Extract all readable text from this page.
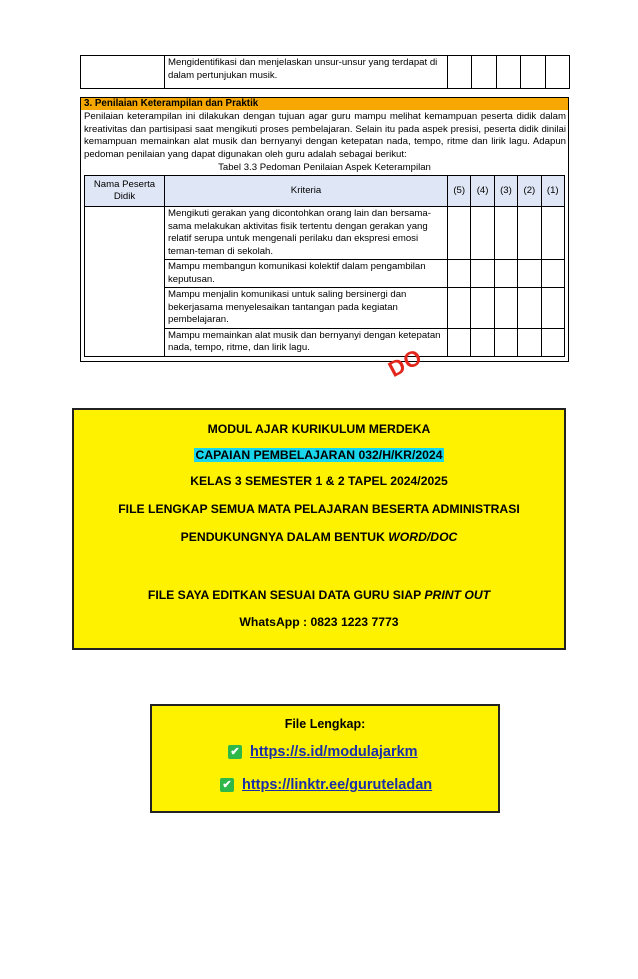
	Mengidentifikasi dan menjelaskan unsur-unsur yang terdapat di dalam pertunjukan musik.					
3. Penilaian Keterampilan dan Praktik
Penilaian keterampilan ini dilakukan dengan tujuan agar guru mampu melihat kemampuan peserta didik dalam kreativitas dan partisipasi saat mengikuti proses pembelajaran. Selain itu pada aspek presisi, peserta didik dinilai kemampuan memainkan alat musik dan bernyanyi dengan ketepatan nada, tempo, ritme dan lirik lagu. Adapun pedoman penilaian yang dapat digunakan oleh guru adalah sebagai berikut:
Tabel 3.3 Pedoman Penilaian Aspek Keterampilan
Nama Peserta Didik	Kriteria	(5)	(4)	(3)	(2)	(1)
	Mengikuti gerakan yang dicontohkan orang lain dan bersama-sama melakukan aktivitas fisik tertentu dengan gerakan yang relatif serupa untuk mengenali perilaku dan ekspresi emosi teman-teman di sekolah.					
	Mampu membangun komunikasi kolektif dalam pengambilan keputusan.					
	Mampu menjalin komunikasi untuk saling bersinergi dan bekerjasama menyelesaikan tantangan pada kegiatan pembelajaran.					
	Mampu memainkan alat musik dan bernyanyi dengan ketepatan nada, tempo, ritme, dan lirik lagu.						DO
MODUL AJAR KURIKULUM MERDEKA
CAPAIAN PEMBELAJARAN 032/H/KR/2024
KELAS 3 SEMESTER 1 & 2 TAPEL 2024/2025
FILE LENGKAP SEMUA MATA PELAJARAN BESERTA ADMINISTRASI
PENDUKUNGNYA DALAM BENTUK WORD/DOC
FILE SAYA EDITKAN SESUAI DATA GURU SIAP PRINT OUT
WhatsApp : 0823 1223 7773
File Lengkap:
✔ https://s.id/modulajarkm
✔ https://linktr.ee/guruteladan
